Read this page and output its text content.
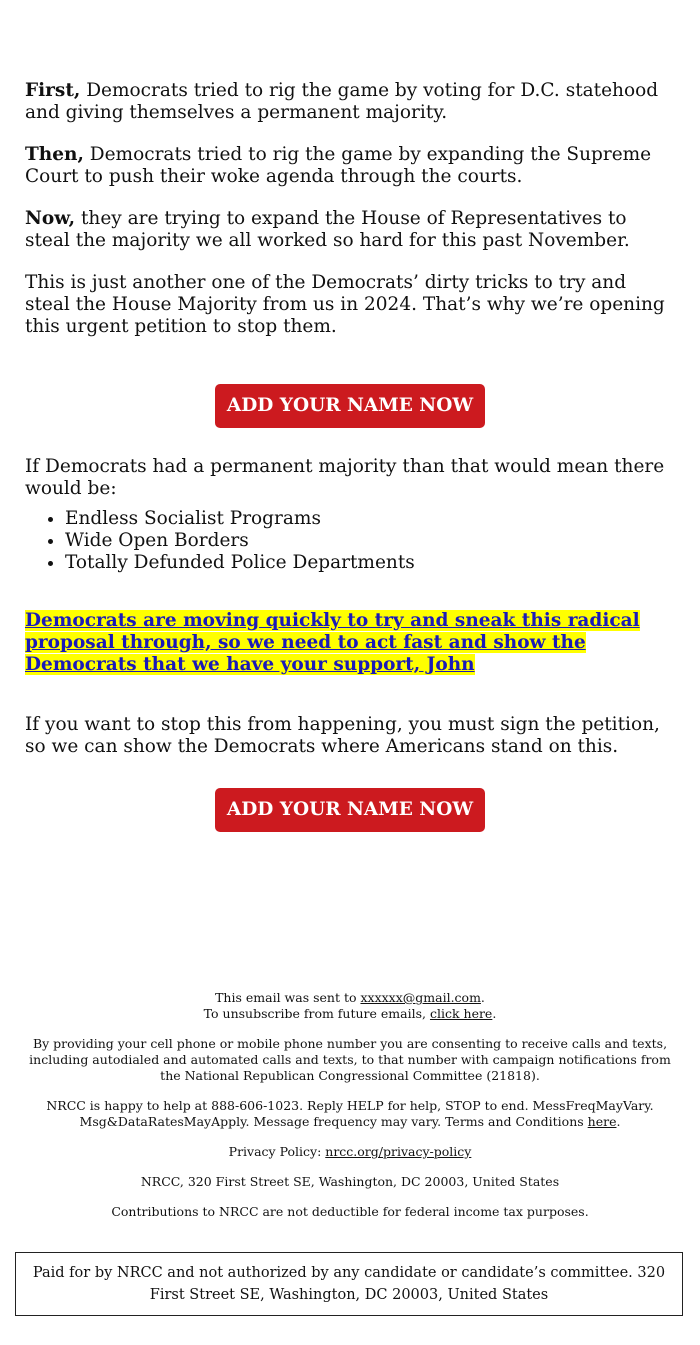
First, Democrats tried to rig the game by voting for D.C. statehood and giving themselves a permanent majority.

Then, Democrats tried to rig the game by expanding the Supreme Court to push their woke agenda through the courts.

Now, they are trying to expand the House of Representatives to steal the majority we all worked so hard for this past November.

This is just another one of the Democrats’ dirty tricks to try and steal the House Majority from us in 2024. That’s why we’re opening this urgent petition to stop them.

ADD YOUR NAME NOW

If Democrats had a permanent majority than that would mean there would be:

• Endless Socialist Programs
• Wide Open Borders
• Totally Defunded Police Departments

Democrats are moving quickly to try and sneak this radical proposal through, so we need to act fast and show the Democrats that we have your support, John

If you want to stop this from happening, you must sign the petition, so we can show the Democrats where Americans stand on this.

ADD YOUR NAME NOW

This email was sent to xxxxxx@gmail.com.

To unsubscribe from future emails, click here.

By providing your cell phone or mobile phone number you are consenting to receive calls and texts, including autodialed and automated calls and texts, to that number with campaign notifications from the National Republican Congressional Committee (21818).

NRCC is happy to help at 888-606-1023. Reply HELP for help, STOP to end. MessFreqMayVary. Msg&DataRatesMayApply. Message frequency may vary. Terms and Conditions here.

Privacy Policy: nrcc.org/privacy-policy

NRCC, 320 First Street SE, Washington, DC 20003, United States

Contributions to NRCC are not deductible for federal income tax purposes.

Paid for by NRCC and not authorized by any candidate or candidate’s committee. 320 First Street SE, Washington, DC 20003, United States
